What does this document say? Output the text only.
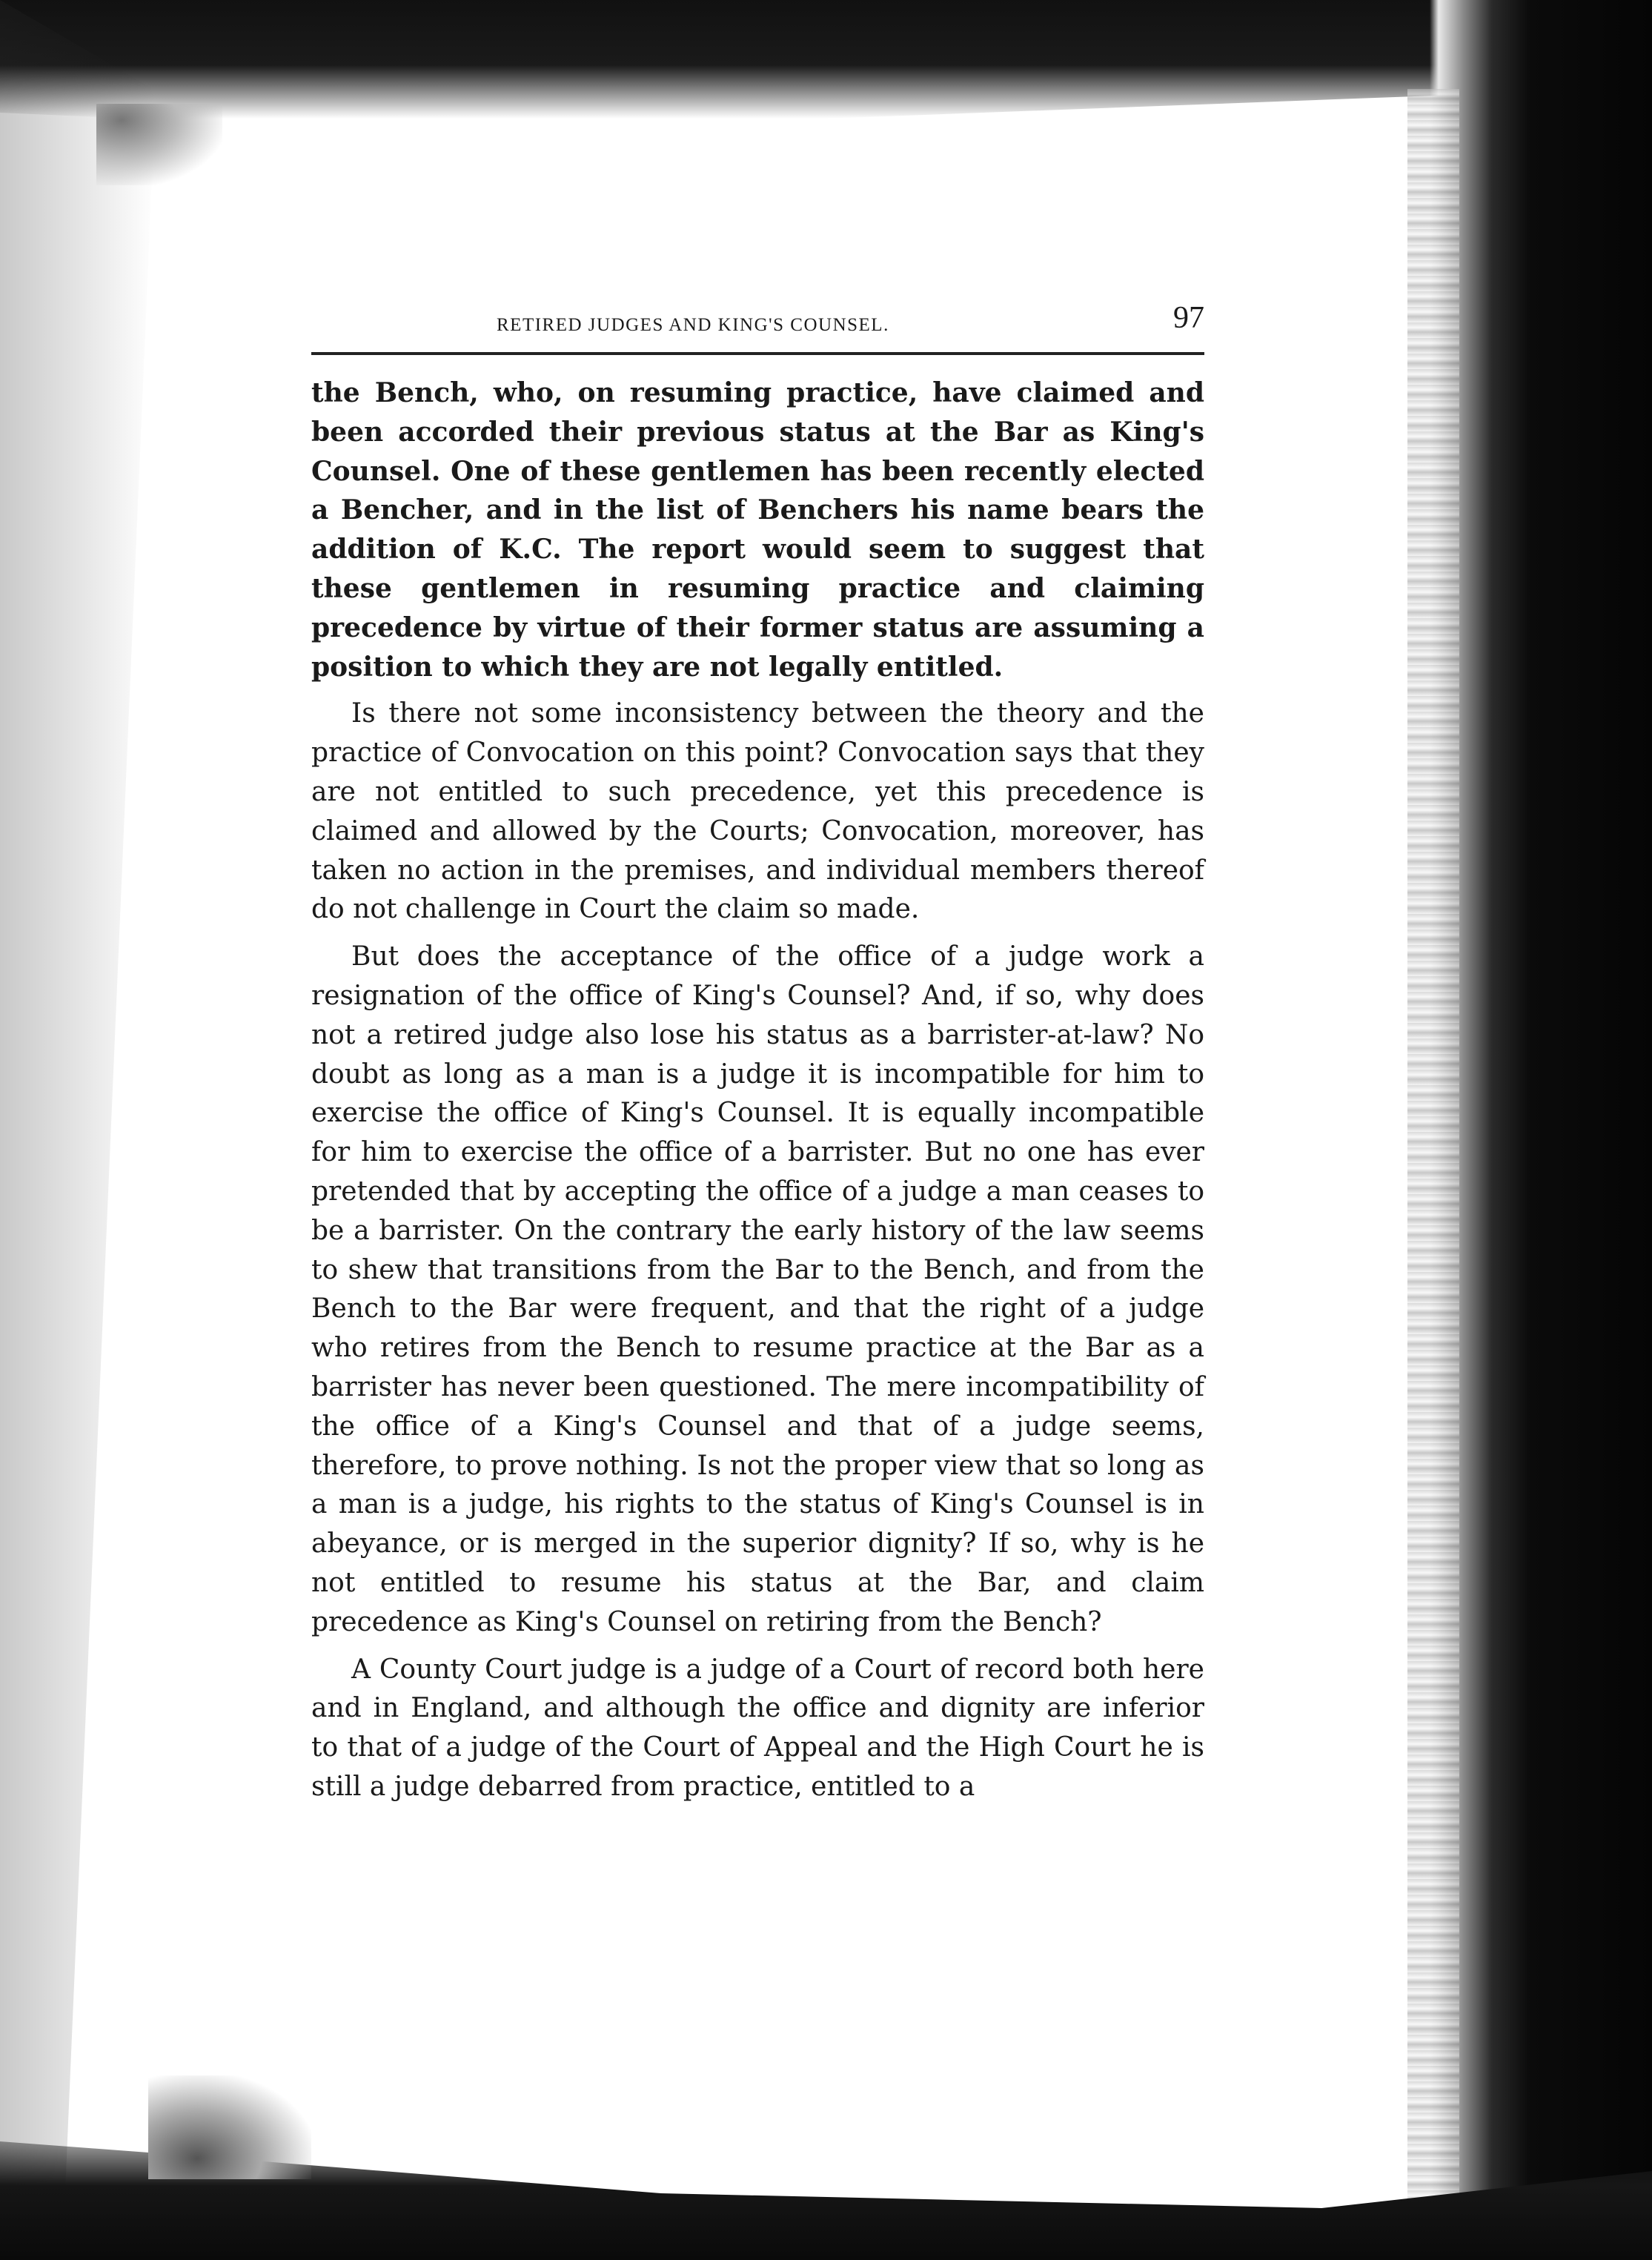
RETIRED JUDGES AND KING'S COUNSEL.	97

the Bench, who, on resuming practice, have claimed and been accorded their previous status at the Bar as King's Counsel. One of these gentlemen has been recently elected a Bencher, and in the list of Benchers his name bears the addition of K.C. The report would seem to suggest that these gentlemen in resuming practice and claiming precedence by virtue of their former status are assuming a position to which they are not legally entitled.

Is there not some inconsistency between the theory and the practice of Convocation on this point? Convocation says that they are not entitled to such precedence, yet this precedence is claimed and allowed by the Courts; Convocation, moreover, has taken no action in the premises, and individual members thereof do not challenge in Court the claim so made.

But does the acceptance of the office of a judge work a resignation of the office of King's Counsel? And, if so, why does not a retired judge also lose his status as a barrister-at-law? No doubt as long as a man is a judge it is incompatible for him to exercise the office of King's Counsel. It is equally incompatible for him to exercise the office of a barrister. But no one has ever pretended that by accepting the office of a judge a man ceases to be a barrister. On the contrary the early history of the law seems to shew that transitions from the Bar to the Bench, and from the Bench to the Bar were frequent, and that the right of a judge who retires from the Bench to resume practice at the Bar as a barrister has never been questioned. The mere incompatibility of the office of a King's Counsel and that of a judge seems, therefore, to prove nothing. Is not the proper view that so long as a man is a judge, his rights to the status of King's Counsel is in abeyance, or is merged in the superior dignity? If so, why is he not entitled to resume his status at the Bar, and claim precedence as King's Counsel on retiring from the Bench?

A County Court judge is a judge of a Court of record both here and in England, and although the office and dignity are inferior to that of a judge of the Court of Appeal and the High Court he is still a judge debarred from practice, entitled to a
